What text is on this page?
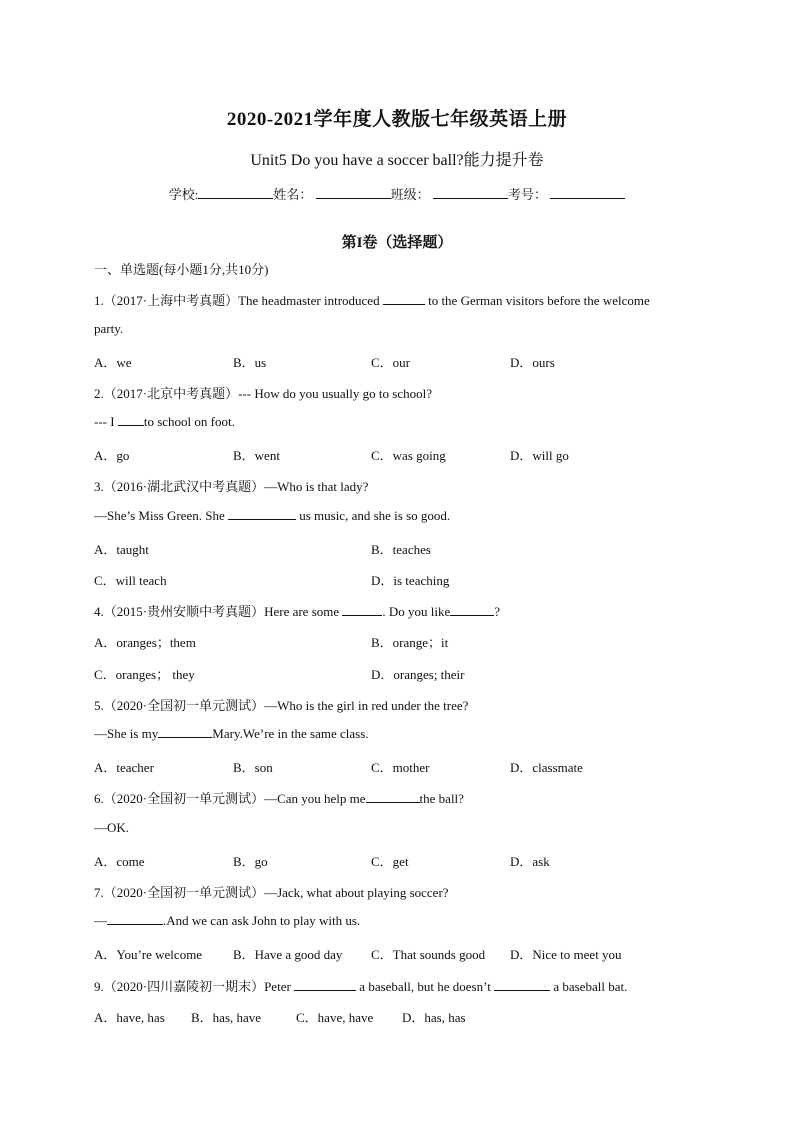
2020-2021学年度人教版七年级英语上册
Unit5 Do you have a soccer ball?能力提升卷
学校:	姓名：	班级：	考号：
第I卷（选择题）
一、单选题(每小题1分,共10分)
1.（2017·上海中考真题）The headmaster introduced	to the German visitors before the welcome
party.
A．we	B．us	C．our	D．ours
2.（2017·北京中考真题）--- How do you usually go to school?
--- I to school on foot.
A．go	B．went	C．was going	D．will go
3.（2016·湖北武汉中考真题）—Who is that lady?
—She’s Miss Green. She	us music, and she is so good.
A．taught	B．teaches
C．will teach	D．is teaching
4.（2015·贵州安顺中考真题）Here are some	. Do you like	?
A．oranges；them	B．orange；it
C．oranges； they	D．oranges; their
5.（2020·全国初一单元测试）—Who is the girl in red under the tree?
—She is my	Mary.We’re in the same class.
A．teacher	B．son	C．mother	D．classmate
6.（2020·全国初一单元测试）—Can you help me	the ball?
—OK.
A．come	B．go	C．get	D．ask
7.（2020·全国初一单元测试）—Jack, what about playing soccer?
—	.And we can ask John to play with us.
A．You’re welcome B．Have a good day C．That sounds good D．Nice to meet you
9.（2020·四川嘉陵初一期末）Peter	a baseball, but he doesn’t	a baseball bat.
A．have, has B．has, have	C．have, have D．has, has
